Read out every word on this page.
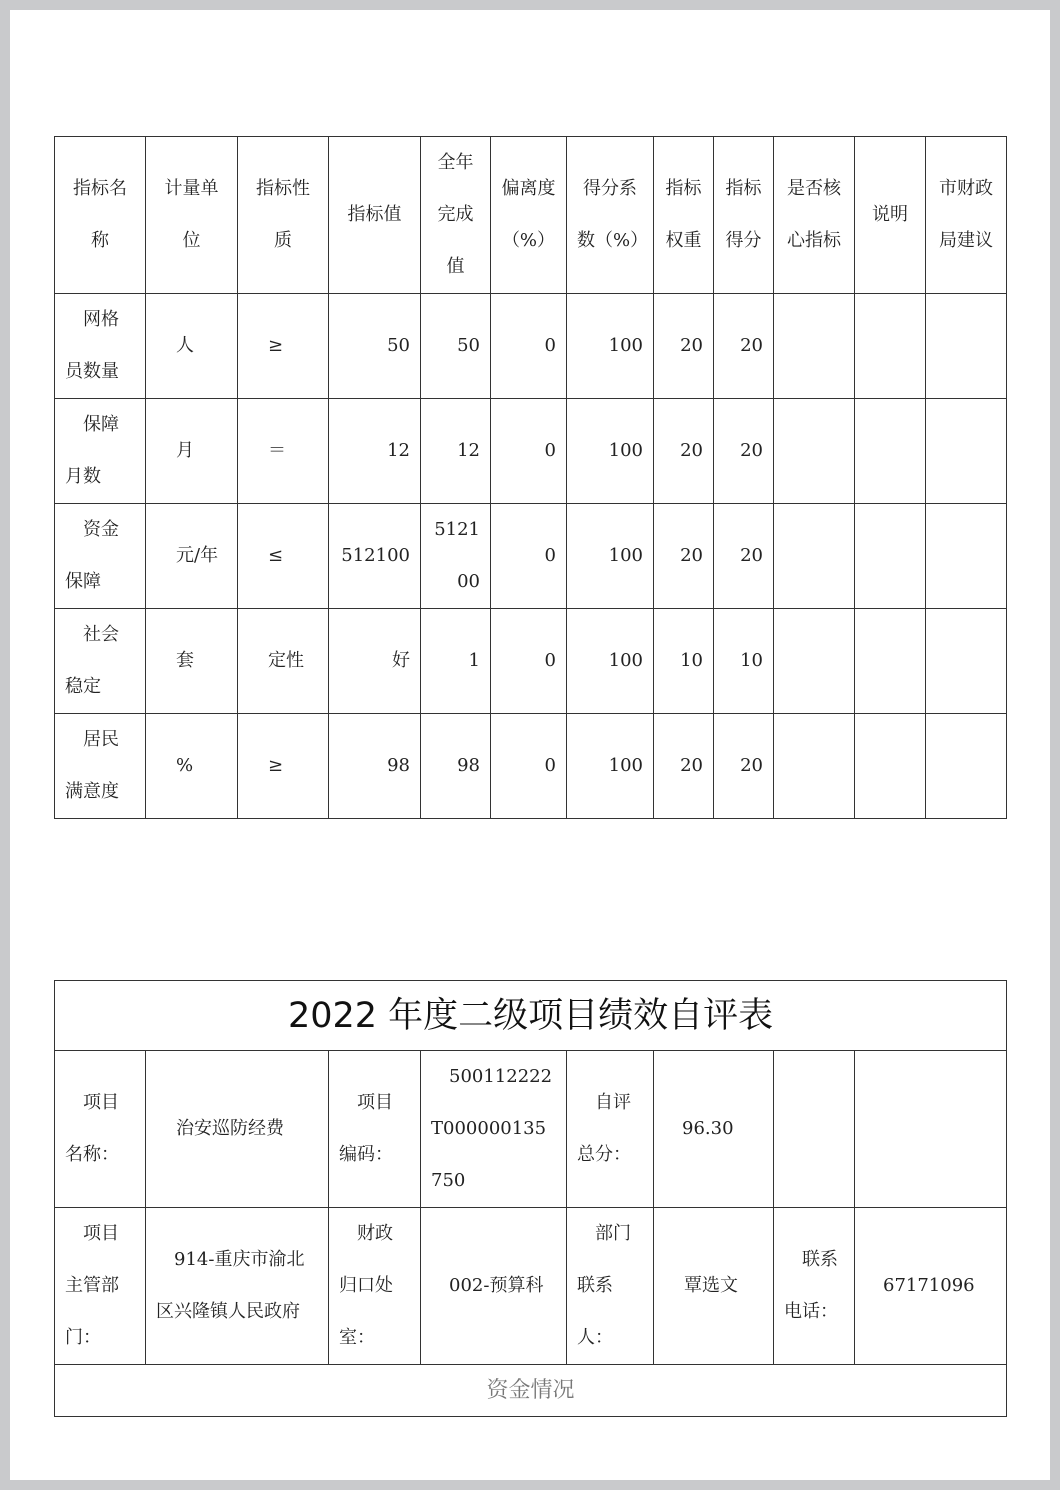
指标名称	计量单位	指标性质	指标值	全年完成值	偏离度（%）	得分系数（%）	指标权重	指标得分	是否核心指标	说明	市财政局建议
网格员数量	人	≥	50	50	0	100	20	20			
保障月数	月	＝	12	12	0	100	20	20			
资金保障	元/年	≤	512100	512100	0	100	20	20			
社会稳定	套	定性	好	1	0	100	10	10			
居民满意度	%	≥	98	98	0	100	20	20			
2022 年度二级项目绩效自评表							
项目名称：	治安巡防经费	项目编码：	500112222T000000135750	自评总分：	96.30		
项目主管部门：	914-重庆市渝北区兴隆镇人民政府	财政归口处室：	002-预算科	部门联系人：	覃选文	联系电话：	67171096
资金情况							
